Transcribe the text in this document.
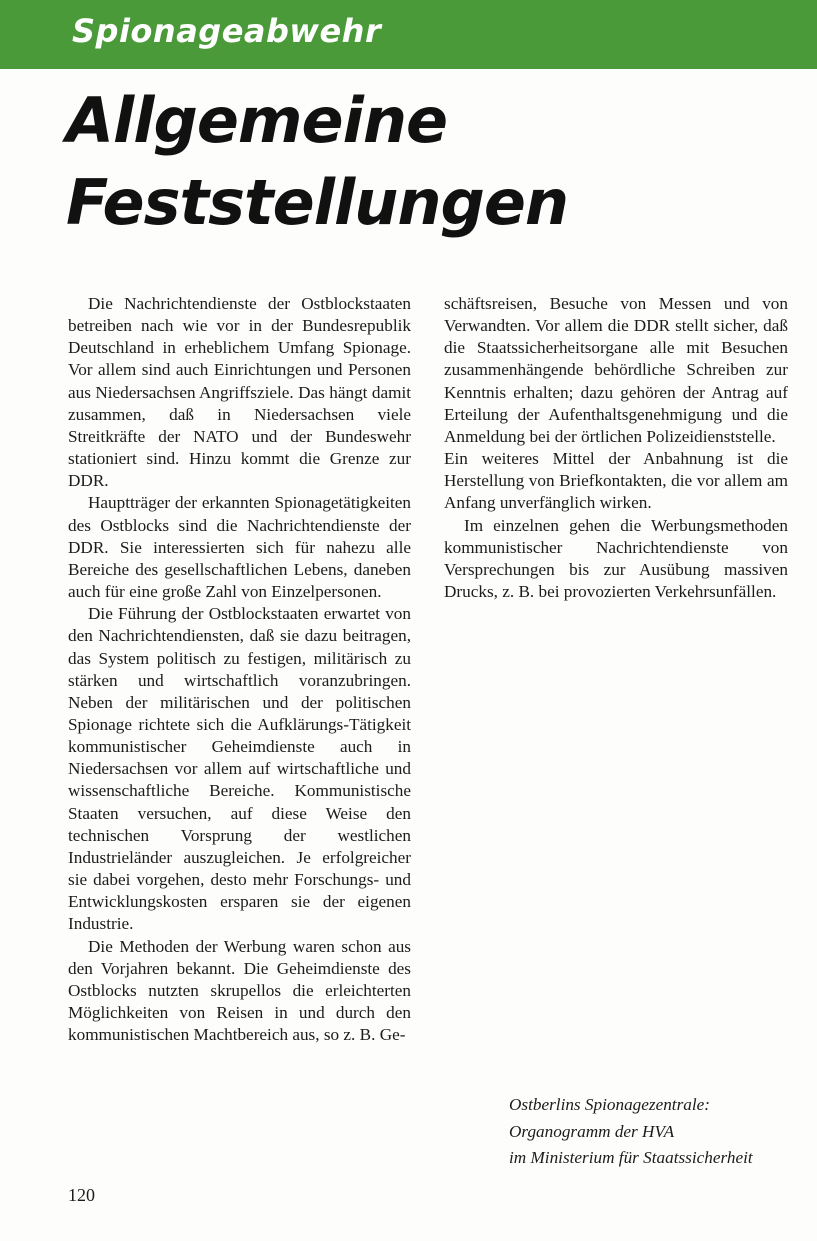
Spionageabwehr
Allgemeine
Feststellungen

Die Nachrichtendienste der Ostblockstaaten betreiben nach wie vor in der Bundesrepublik Deutschland in erheblichem Umfang Spionage. Vor allem sind auch Einrichtungen und Personen aus Niedersachsen Angriffsziele. Das hängt damit zusammen, daß in Niedersachsen viele Streitkräfte der NATO und der Bundeswehr stationiert sind. Hinzu kommt die Grenze zur DDR.

Hauptträger der erkannten Spionagetätigkeiten des Ostblocks sind die Nachrichtendienste der DDR. Sie interessierten sich für nahezu alle Bereiche des gesellschaftlichen Lebens, daneben auch für eine große Zahl von Einzelpersonen.

Die Führung der Ostblockstaaten erwartet von den Nachrichtendiensten, daß sie dazu beitragen, das System politisch zu festigen, militärisch zu stärken und wirtschaftlich voranzubringen. Neben der militärischen und der politischen Spionage richtete sich die Aufklärungs-Tätigkeit kommunistischer Geheimdienste auch in Niedersachsen vor allem auf wirtschaftliche und wissenschaftliche Bereiche. Kommunistische Staaten versuchen, auf diese Weise den technischen Vorsprung der westlichen Industrieländer auszugleichen. Je erfolgreicher sie dabei vorgehen, desto mehr Forschungs- und Entwicklungskosten ersparen sie der eigenen Industrie.

Die Methoden der Werbung waren schon aus den Vorjahren bekannt. Die Geheimdienste des Ostblocks nutzten skrupellos die erleichterten Möglichkeiten von Reisen in und durch den kommunistischen Machtbereich aus, so z. B. Ge-

schäftsreisen, Besuche von Messen und von Verwandten. Vor allem die DDR stellt sicher, daß die Staatssicherheitsorgane alle mit Besuchen zusammenhängende behördliche Schreiben zur Kenntnis erhalten; dazu gehören der Antrag auf Erteilung der Aufenthaltsgenehmigung und die Anmeldung bei der örtlichen Polizeidienststelle.

Ein weiteres Mittel der Anbahnung ist die Herstellung von Briefkontakten, die vor allem am Anfang unverfänglich wirken.

Im einzelnen gehen die Werbungsmethoden kommunistischer Nachrichtendienste von Versprechungen bis zur Ausübung massiven Drucks, z. B. bei provozierten Verkehrsunfällen.

Ostberlins Spionagezentrale:
Organogramm der HVA
im Ministerium für Staatssicherheit
120
